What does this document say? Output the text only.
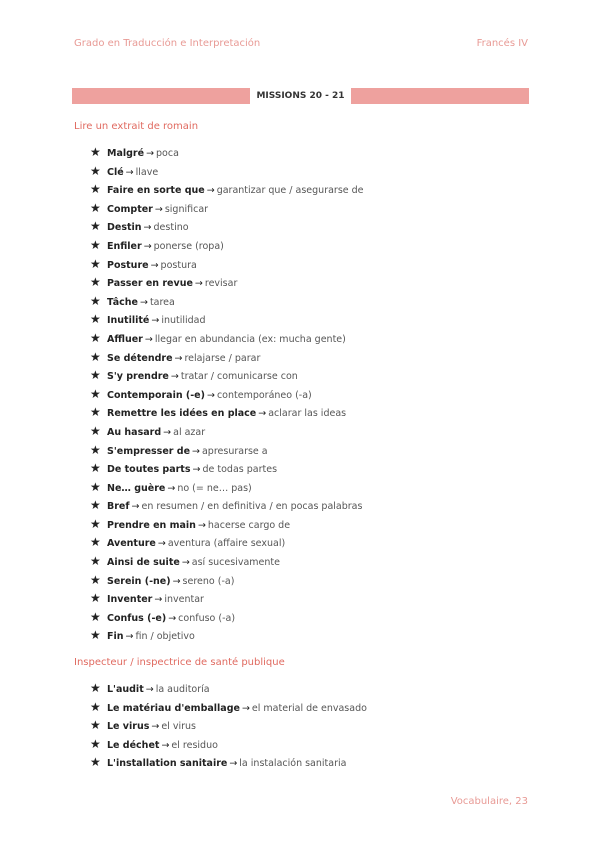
Grado en Traducción e Interpretación	Francés IV
MISSIONS 20 - 21
Lire un extrait de romain
★ Malgré → poca
★ Clé → llave
★ Faire en sorte que → garantizar que / asegurarse de
★ Compter → significar
★ Destin → destino
★ Enfiler → ponerse (ropa)
★ Posture → postura
★ Passer en revue → revisar
★ Tâche → tarea
★ Inutilité → inutilidad
★ Affluer → llegar en abundancia (ex: mucha gente)
★ Se détendre → relajarse / parar
★ S'y prendre → tratar / comunicarse con
★ Contemporain (-e) → contemporáneo (-a)
★ Remettre les idées en place → aclarar las ideas
★ Au hasard → al azar
★ S'empresser de → apresurarse a
★ De toutes parts → de todas partes
★ Ne… guère → no (= ne… pas)
★ Bref → en resumen / en definitiva / en pocas palabras
★ Prendre en main → hacerse cargo de
★ Aventure → aventura (affaire sexual)
★ Ainsi de suite → así sucesivamente
★ Serein (-ne) → sereno (-a)
★ Inventer → inventar
★ Confus (-e) → confuso (-a)
★ Fin → fin / objetivo
Inspecteur / inspectrice de santé publique
★ L'audit → la auditoría
★ Le matériau d'emballage → el material de envasado
★ Le virus → el virus
★ Le déchet → el residuo
★ L'installation sanitaire → la instalación sanitaria
Vocabulaire, 23
